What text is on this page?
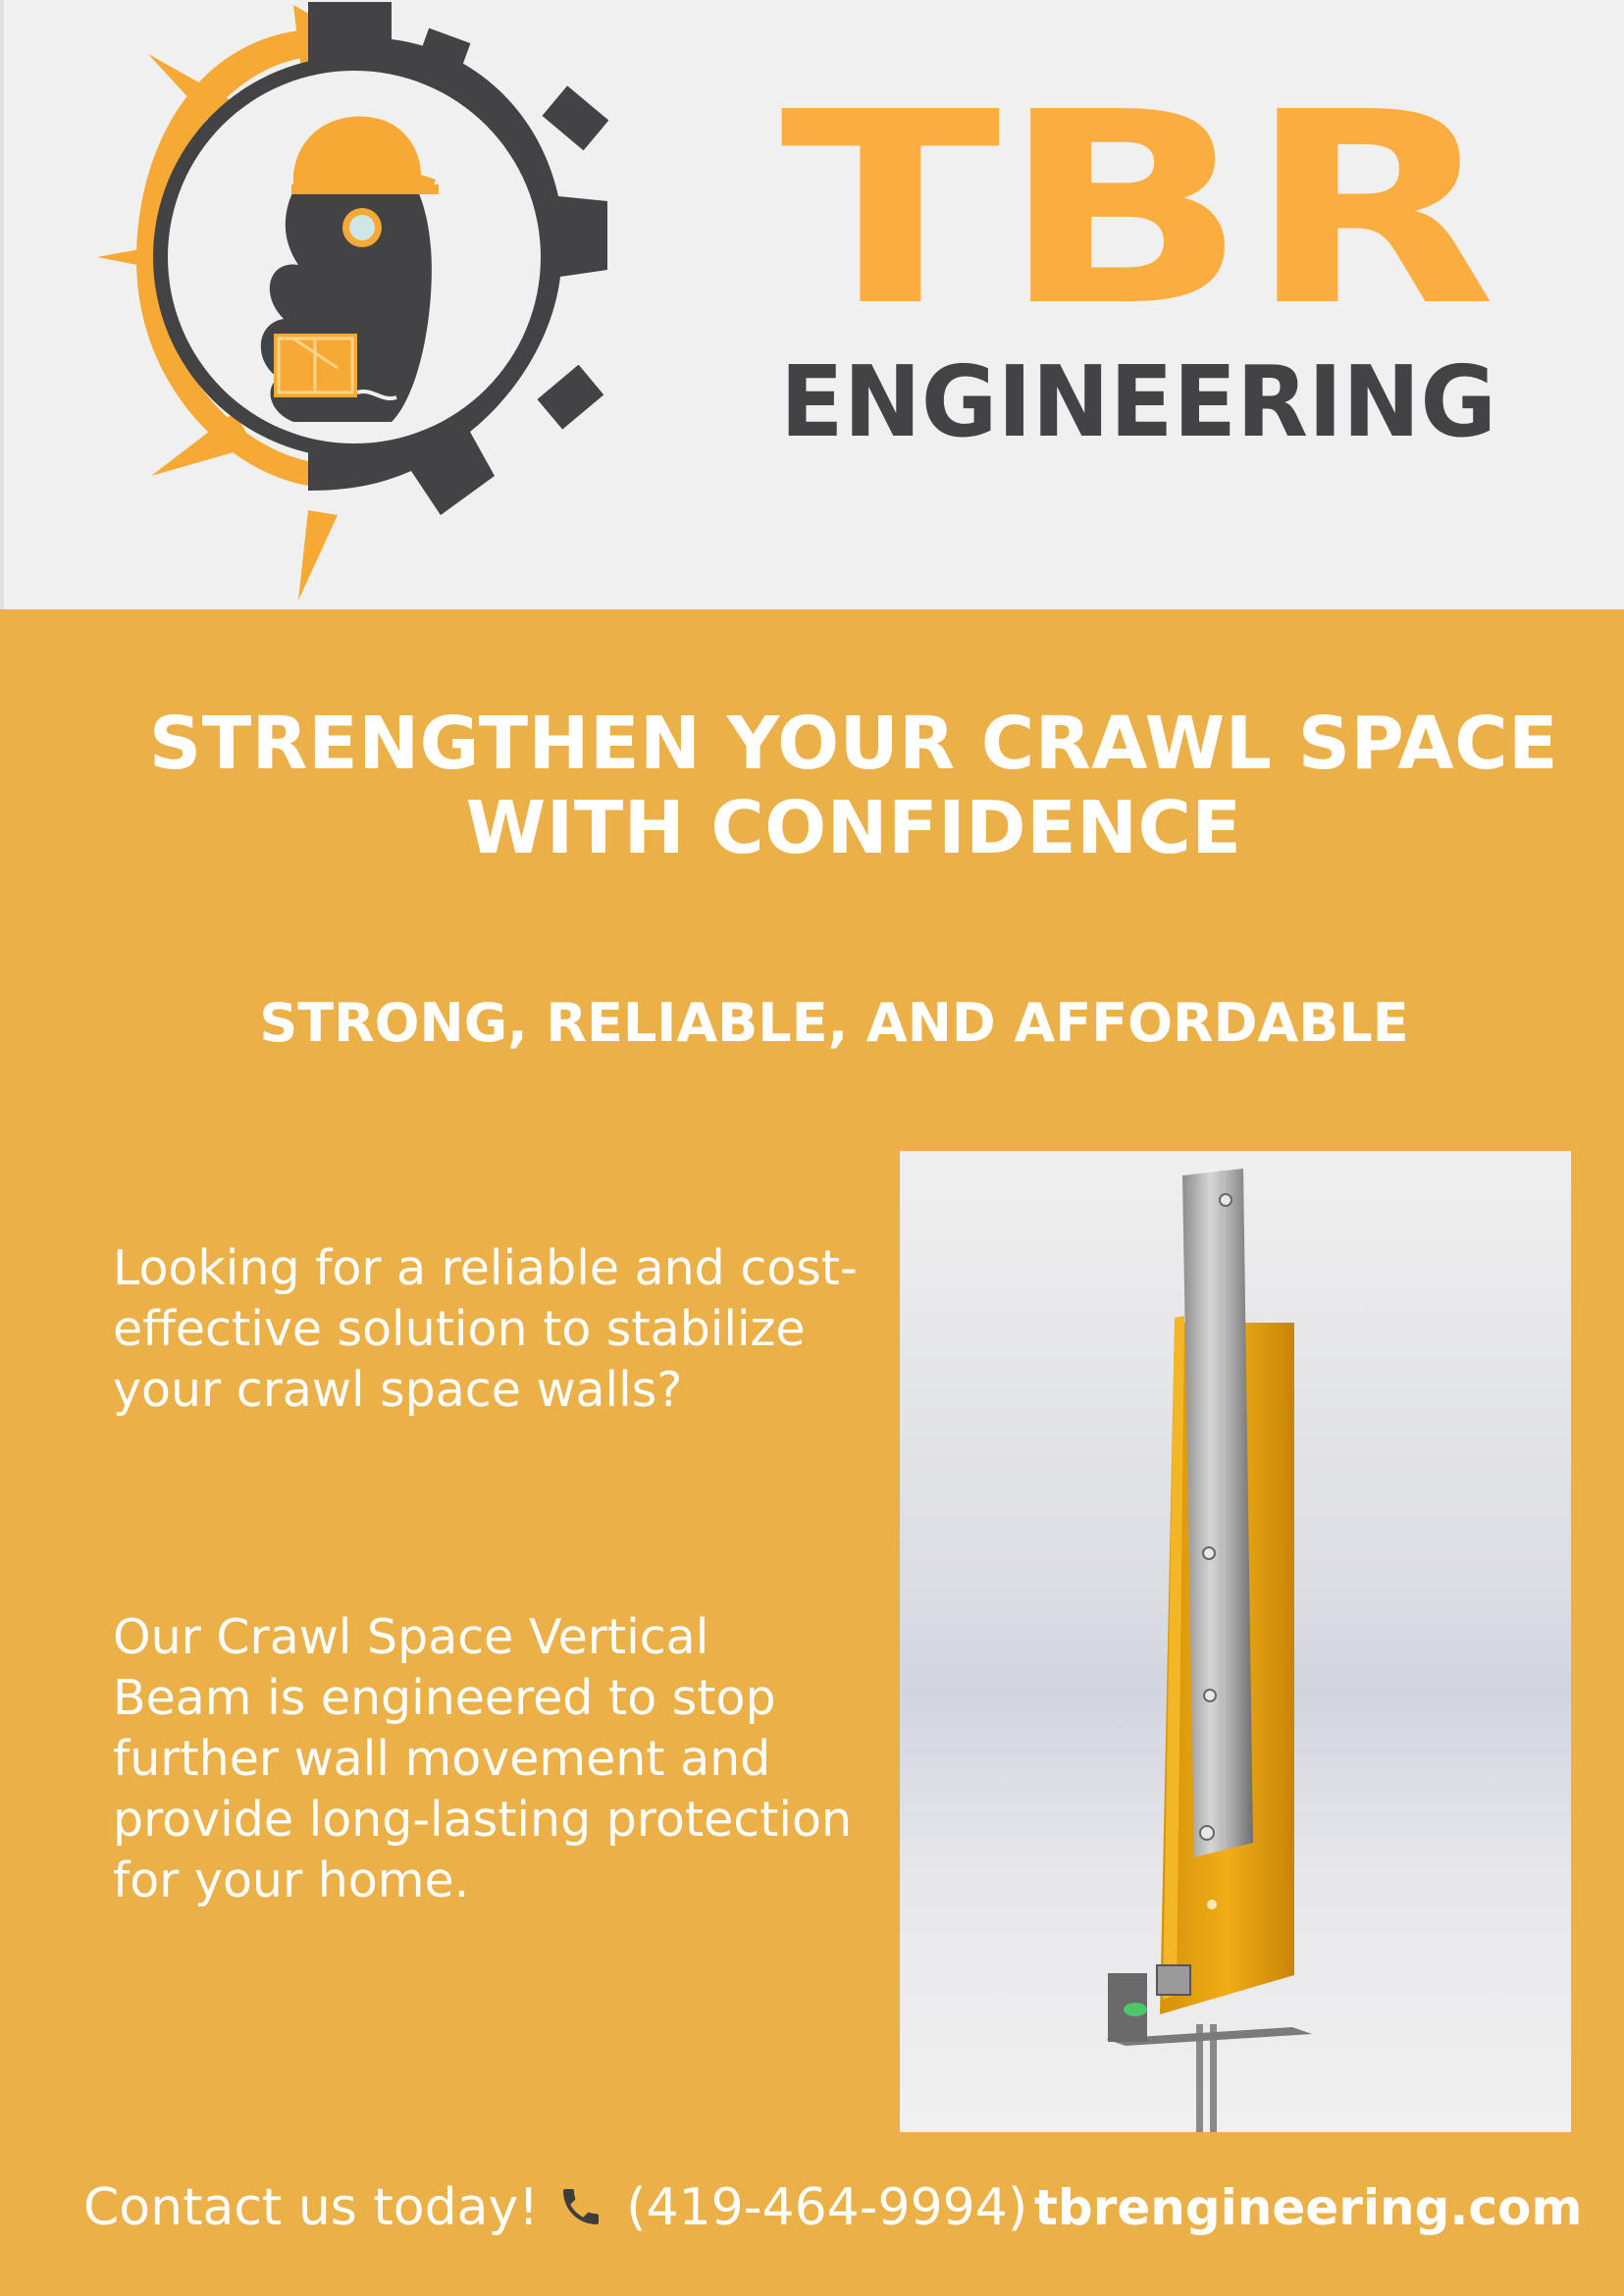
TBR
ENGINEERING
STRENGTHEN YOUR CRAWL SPACE
WITH CONFIDENCE
STRONG, RELIABLE, AND AFFORDABLE

Looking for a reliable and cost-effective solution to stabilize your crawl space walls?

Our Crawl Space Vertical Beam is engineered to stop further wall movement and provide long-lasting protection for your home.

Contact us today! (419-464-9994) tbrengineering.com
